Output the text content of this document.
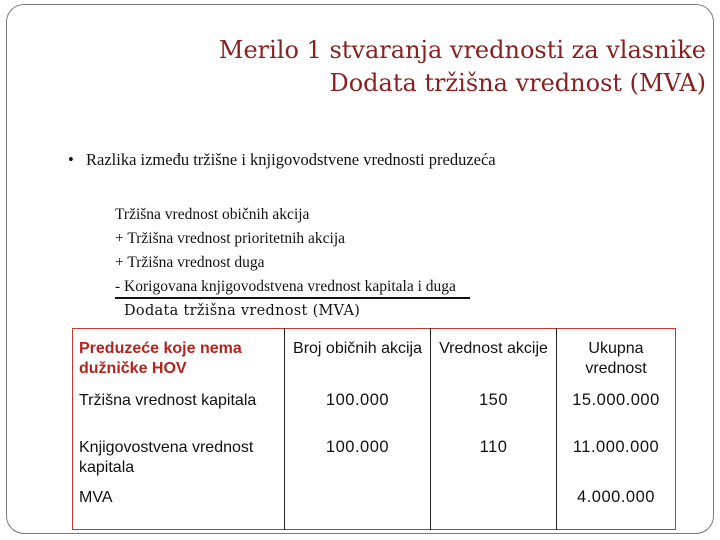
Merilo 1 stvaranja vrednosti za vlasnike
Dodata tržišna vrednost (MVA)
• Razlika između tržišne i knjigovodstvene vrednosti preduzeća
Tržišna vrednost običnih akcija
+ Tržišna vrednost prioritetnih akcija
+ Tržišna vrednost duga
- Korigovana knjigovodstvena vrednost kapitala i duga
Dodata tržišna vrednost (MVA)
Preduzeće koje nema dužničke HOV	Broj običnih akcija	Vrednost akcije	Ukupna vrednost
Tržišna vrednost kapitala	100.000	150	15.000.000
Knjigovostvena vrednost kapitala	100.000	110	11.000.000
MVA			4.000.000
